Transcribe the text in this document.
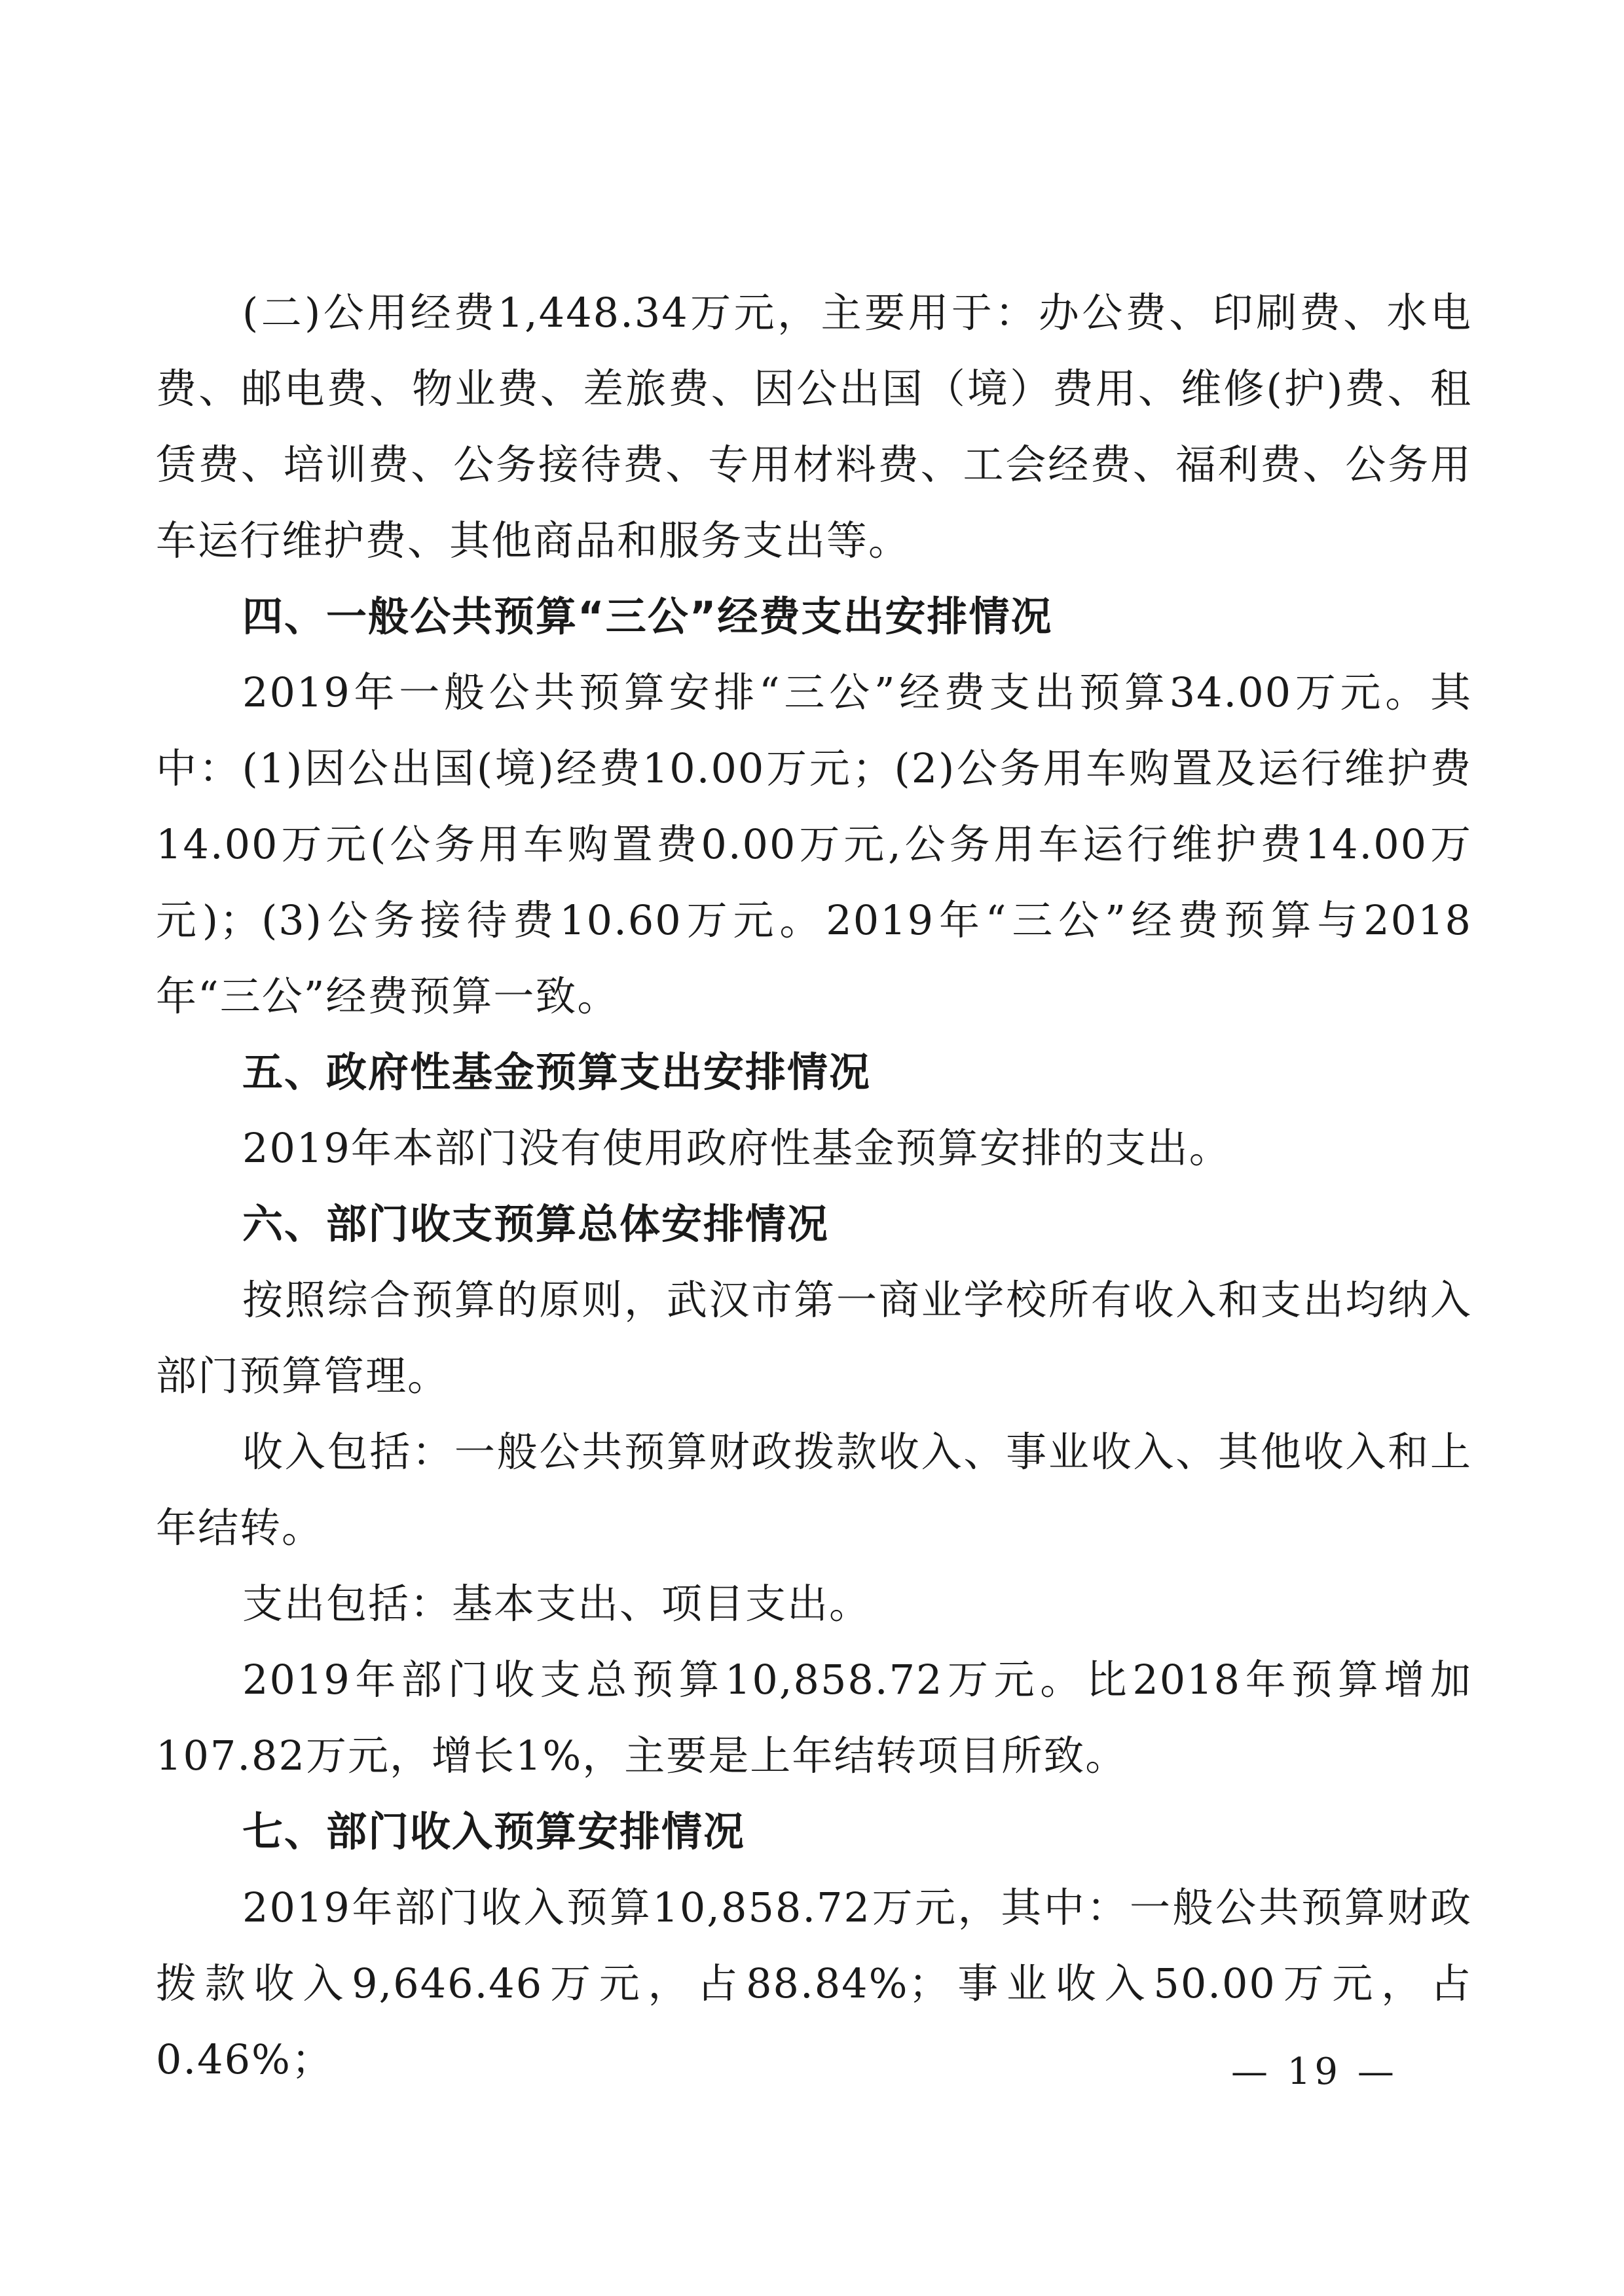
(二)公用经费1,448.34万元，主要用于：办公费、印刷费、水电费、邮电费、物业费、差旅费、因公出国（境）费用、维修(护)费、租赁费、培训费、公务接待费、专用材料费、工会经费、福利费、公务用车运行维护费、其他商品和服务支出等。

四、一般公共预算“三公”经费支出安排情况

2019年一般公共预算安排“三公”经费支出预算34.00万元。其中：(1)因公出国(境)经费10.00万元；(2)公务用车购置及运行维护费14.00万元(公务用车购置费0.00万元,公务用车运行维护费14.00万元)；(3)公务接待费10.60万元。2019年“三公”经费预算与2018年“三公”经费预算一致。

五、政府性基金预算支出安排情况

2019年本部门没有使用政府性基金预算安排的支出。

六、部门收支预算总体安排情况

按照综合预算的原则，武汉市第一商业学校所有收入和支出均纳入部门预算管理。

收入包括：一般公共预算财政拨款收入、事业收入、其他收入和上年结转。

支出包括：基本支出、项目支出。

2019年部门收支总预算10,858.72万元。比2018年预算增加107.82万元，增长1%，主要是上年结转项目所致。

七、部门收入预算安排情况

2019年部门收入预算10,858.72万元，其中：一般公共预算财政拨款收入9,646.46万元，占88.84%；事业收入50.00万元，占0.46%；	— 19 —
